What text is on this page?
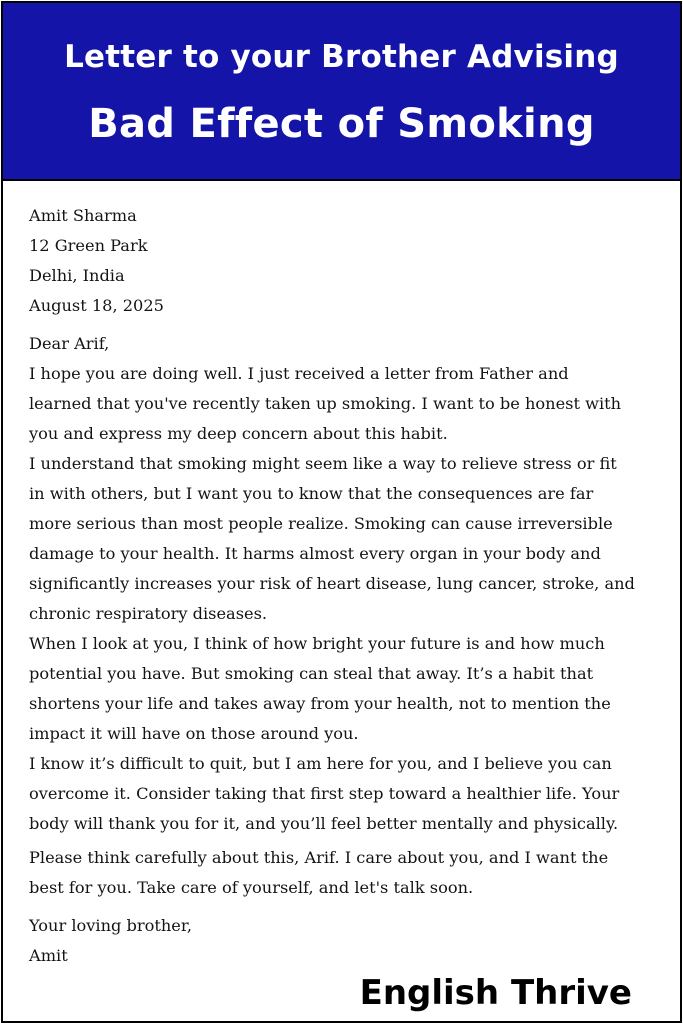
Letter to your Brother Advising
Bad Effect of Smoking
Amit Sharma
12 Green Park
Delhi, India
August 18, 2025
Dear Arif,
I hope you are doing well. I just received a letter from Father and
learned that you've recently taken up smoking. I want to be honest with
you and express my deep concern about this habit.
I understand that smoking might seem like a way to relieve stress or fit
in with others, but I want you to know that the consequences are far
more serious than most people realize. Smoking can cause irreversible
damage to your health. It harms almost every organ in your body and
significantly increases your risk of heart disease, lung cancer, stroke, and
chronic respiratory diseases.
When I look at you, I think of how bright your future is and how much
potential you have. But smoking can steal that away. It’s a habit that
shortens your life and takes away from your health, not to mention the
impact it will have on those around you.
I know it’s difficult to quit, but I am here for you, and I believe you can
overcome it. Consider taking that first step toward a healthier life. Your
body will thank you for it, and you’ll feel better mentally and physically.
Please think carefully about this, Arif. I care about you, and I want the
best for you. Take care of yourself, and let's talk soon.
Your loving brother,
Amit
English Thrive
